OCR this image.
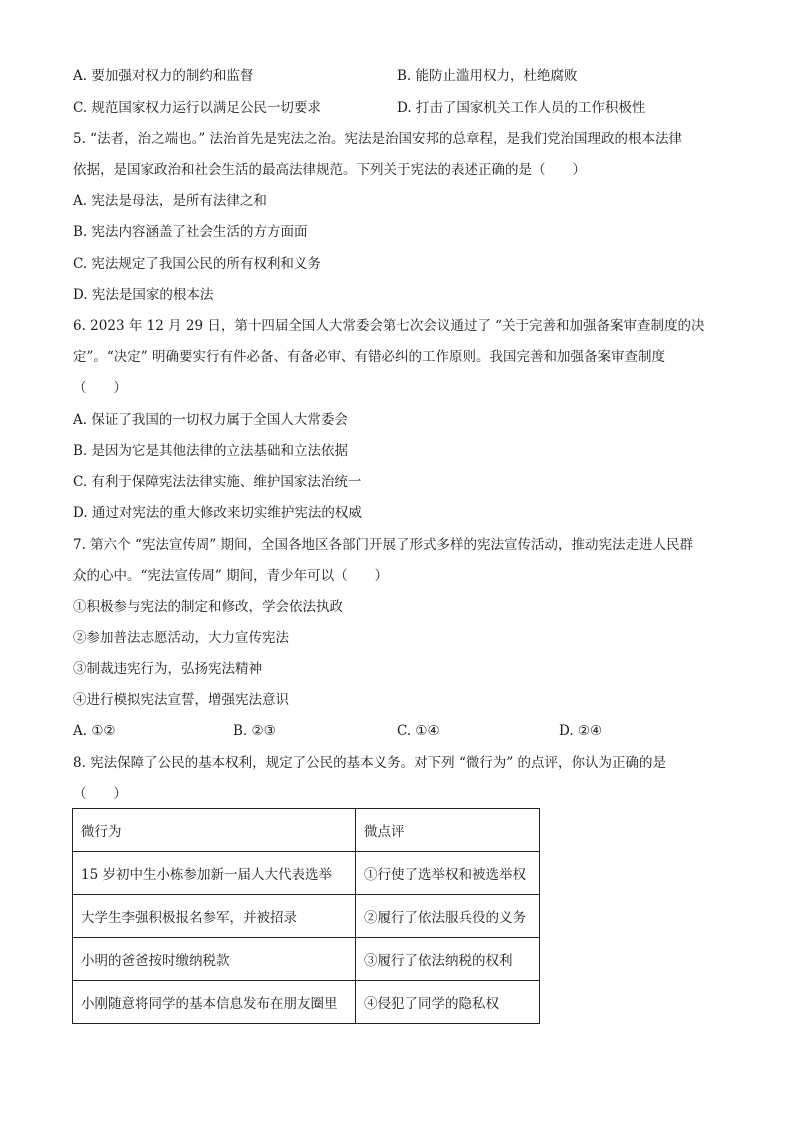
A. 要加强对权力的制约和监督	B. 能防止滥用权力，杜绝腐败
C. 规范国家权力运行以满足公民一切要求	D. 打击了国家机关工作人员的工作积极性
5. “法者，治之端也。” 法治首先是宪法之治。宪法是治国安邦的总章程，是我们党治国理政的根本法律
依据，是国家政治和社会生活的最高法律规范。下列关于宪法的表述正确的是（　　）
A. 宪法是母法，是所有法律之和
B. 宪法内容涵盖了社会生活的方方面面
C. 宪法规定了我国公民的所有权利和义务
D. 宪法是国家的根本法
6. 2023 年 12 月 29 日，第十四届全国人大常委会第七次会议通过了 “关于完善和加强备案审查制度的决
定”。“决定” 明确要实行有件必备、有备必审、有错必纠的工作原则。我国完善和加强备案审查制度
（　　）
A. 保证了我国的一切权力属于全国人大常委会
B. 是因为它是其他法律的立法基础和立法依据
C. 有利于保障宪法法律实施、维护国家法治统一
D. 通过对宪法的重大修改来切实维护宪法的权威
7. 第六个 “宪法宣传周” 期间，全国各地区各部门开展了形式多样的宪法宣传活动，推动宪法走进人民群
众的心中。“宪法宣传周” 期间，青少年可以（　　）
①积极参与宪法的制定和修改，学会依法执政
②参加普法志愿活动，大力宣传宪法
③制裁违宪行为，弘扬宪法精神
④进行模拟宪法宣誓，增强宪法意识
A. ①②	B. ②③	C. ①④	D. ②④
8. 宪法保障了公民的基本权利，规定了公民的基本义务。对下列 “微行为” 的点评，你认为正确的是
（　　）
微行为	微点评
15 岁初中生小栋参加新一届人大代表选举	①行使了选举权和被选举权
大学生李强积极报名参军，并被招录	②履行了依法服兵役的义务
小明的爸爸按时缴纳税款	③履行了依法纳税的权利
小刚随意将同学的基本信息发布在朋友圈里	④侵犯了同学的隐私权
